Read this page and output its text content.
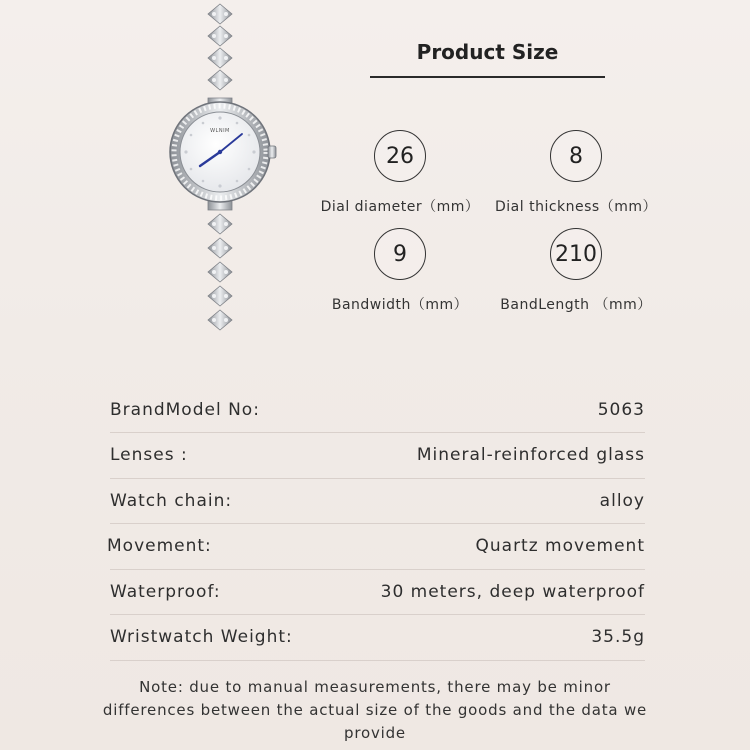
WLNIM
Product Size
26
Dial diameter（mm）
8
Dial thickness（mm）
9
Bandwidth（mm）
210
BandLength （mm）
BrandModel No:	5063
Lenses :	Mineral-reinforced glass
Watch chain:	alloy
Movement:	Quartz movement
Waterproof:	30 meters, deep waterproof
Wristwatch Weight:	35.5g
Note: due to manual measurements, there may be minor differences between the actual size of the goods and the data we provide
